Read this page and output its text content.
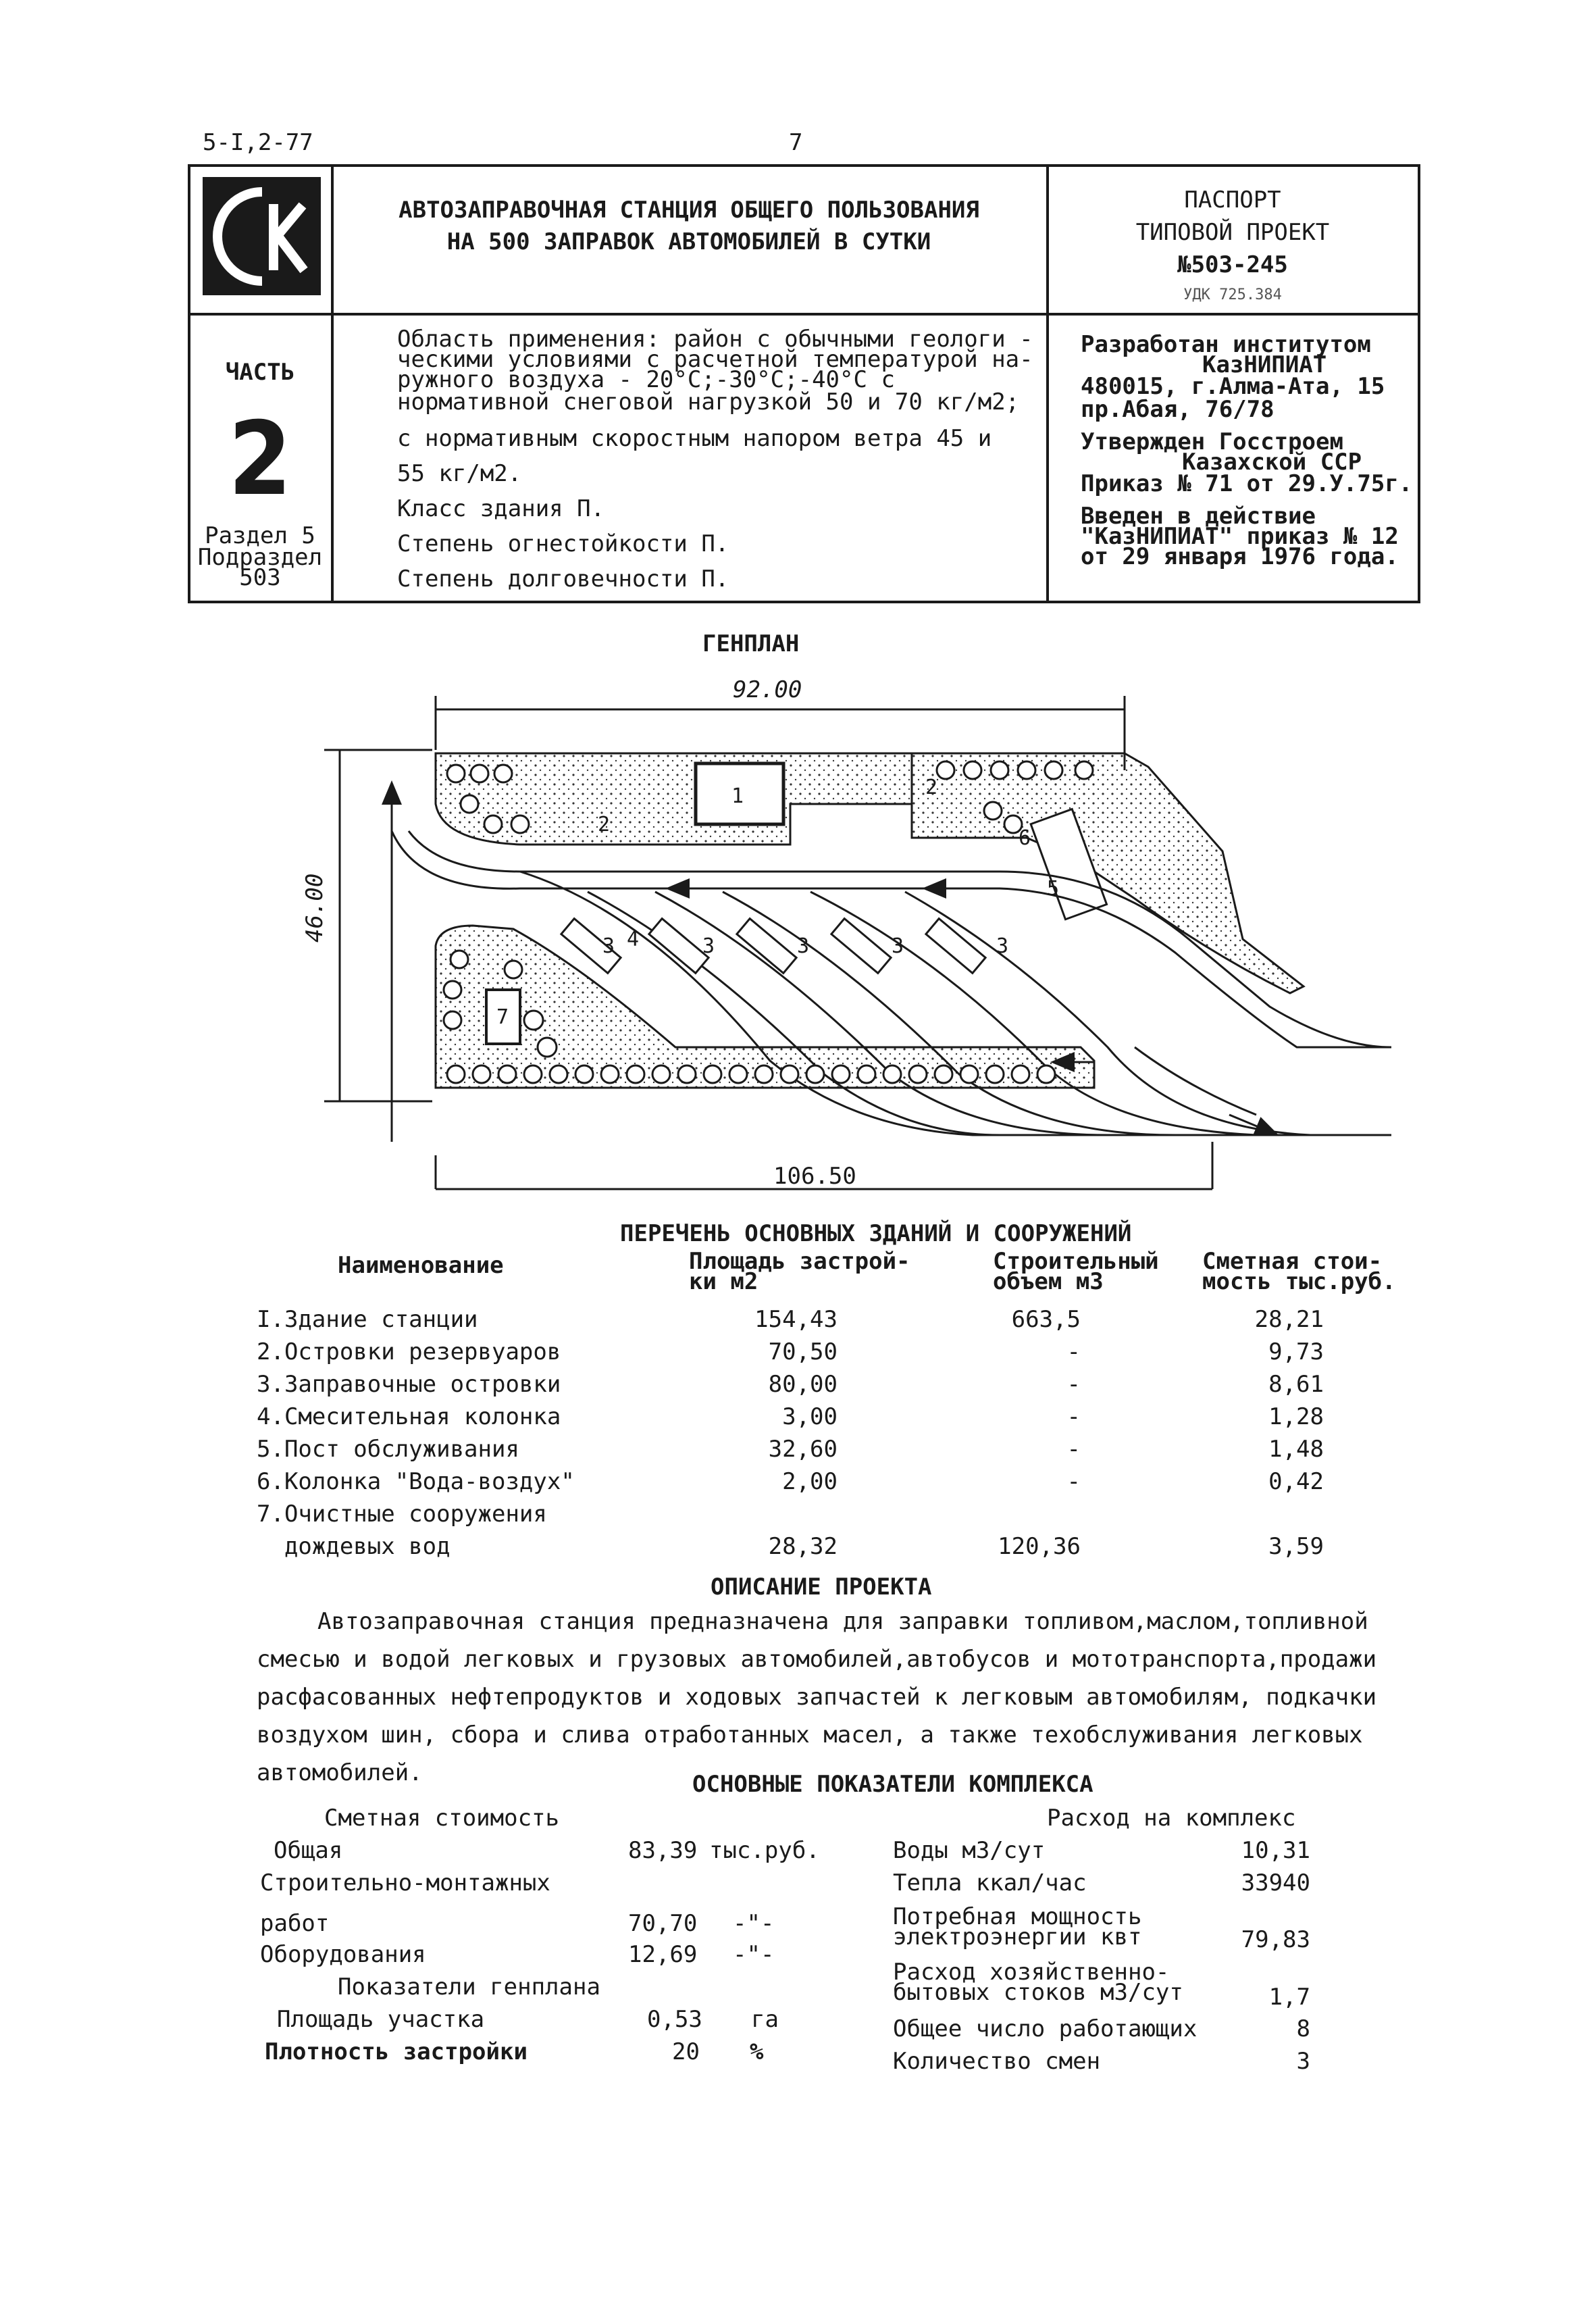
5-I,2-77	7
АВТОЗАПРАВОЧНАЯ СТАНЦИЯ ОБЩЕГО ПОЛЬЗОВАНИЯ
НА 500 ЗАПРАВОК АВТОМОБИЛЕЙ В СУТКИ
ПАСПОРТ
ТИПОВОЙ ПРОЕКТ
№503-245
УДК 725.384
ЧАСТЬ
2
Раздел 5
Подраздел
503
Область применения: район с обычными геологи -
ческими условиями с расчетной температурой на-
ружного воздуха - 20°С;-30°С;-40°С с
нормативной снеговой нагрузкой 50 и 70 кг/м2;
с нормативным скоростным напором ветра 45 и
55 кг/м2.
Класс здания П.
Степень огнестойкости П.
Степень долговечности П.
Разработан институтом
КазНИПИАТ
480015, г.Алма-Ата, 15
пр.Абая, 76/78
Утвержден Госстроем
Казахской ССР
Приказ № 71 от 29.У.75г.
Введен в действие
"КазНИПИАТ" приказ № 12
от 29 января 1976 года.
ГЕНПЛАН
1
2
2
3	3	3	3	3
4
5
6
7
92.00
46.00
106.50
ПЕРЕЧЕНЬ ОСНОВНЫХ ЗДАНИЙ И СООРУЖЕНИЙ
Наименование	Площадь застрой-
ки м2
Строительный
объем м3
Сметная стои-
мость тыс.руб.
I.Здание станции	154,43	663,5	28,21
2.Островки резервуаров	70,50	-	9,73
3.Заправочные островки	80,00	-	8,61
4.Смесительная колонка	3,00	-	1,28
5.Пост обслуживания	32,60	-	1,48
6.Колонка "Вода-воздух"	2,00	-	0,42
7.Очистные сооружения
дождевых вод	28,32	120,36	3,59
ОПИСАНИЕ ПРОЕКТА
Автозаправочная станция предназначена для заправки топливом,маслом,топливной
смесью и водой легковых и грузовых автомобилей,автобусов и мототранспорта,продажи
расфасованных нефтепродуктов и ходовых запчастей к легковым автомобилям, подкачки
воздухом шин, сбора и слива отработанных масел, а также техобслуживания легковых
автомобилей.	ОСНОВНЫЕ ПОКАЗАТЕЛИ КОМПЛЕКСА
Сметная стоимость
Общая	83,39 тыс.руб.
Строительно-монтажных
работ	70,70 -"-
Оборудования	12,69 -"-
Показатели генплана
Площадь участка	0,53 га
Плотность застройки	20 %
Расход на комплекс
Воды м3/сут	10,31
Тепла ккал/час	33940
Потребная мощность
электроэнергии квт	79,83
Расход хозяйственно-
бытовых стоков м3/сут	1,7
Общее число работающих	8
Количество смен	3
